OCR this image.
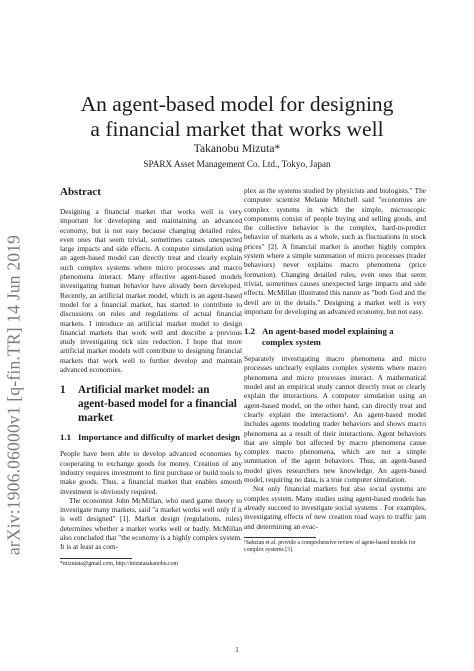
arXiv:1906.06000v1 [q-fin.TR] 14 Jun 2019
An agent-based model for designing
a financial market that works well
Takanobu Mizuta*
SPARX Asset Management Co. Ltd., Tokyo, Japan
Abstract

Designing a financial market that works well is very important for developing and maintaining an advanced economy, but is not easy because changing detailed rules, even ones that seem trivial, sometimes causes unexpected large impacts and side effects. A computer simulation using an agent-based model can directly treat and clearly explain such complex systems where micro processes and macro phenomena interact. Many effective agent-based models investigating human behavior have already been developed. Recently, an artificial market model, which is an agent-based model for a financial market, has started to contribute to discussions on rules and regulations of actual financial markets. I introduce an artificial market model to design financial markets that work well and describe a previous study investigating tick size reduction. I hope that more artificial market models will contribute to designing financial markets that work well to further develop and maintain advanced economies.

1	Artificial market model: an agent-based model for a financial market
1.1 Importance and difficulty of market design

People have been able to develop advanced economies by cooperating to exchange goods for money. Creation of any industry requires investment to first purchase or build tools to make goods. Thus, a financial market that enables smooth investment is obviously required.

The economist John McMillan, who used game theory to investigate many markets, said "a market works well only if it is well designed" [1]. Market design (regulations, rules) determines whether a market works well or badly. McMillan also concluded that "the economy is a highly complex system. It is at least as com-

*mizutata@gmail.com, http://mizutatakanobu.com

plex as the systems studied by physicists and biologists." The computer scientist Melanie Mitchell said "economies are complex systems in which the simple, microscopic components consist of people buying and selling goods, and the collective behavior is the complex, hard-to-predict behavior of markets as a whole, such as fluctuations in stock prices" [2]. A financial market is another highly complex system where a simple summation of micro processes (trader behaviors) never explains macro phenomena (price formation). Changing detailed rules, even ones that seem trivial, sometimes causes unexpected large impacts and side effects. McMillan illustrated this nature as "both God and the devil are in the details." Designing a market well is very important for developing an advanced economy, but not easy.

1.2 An agent-based model explaining a complex system

Separately investigating macro phenomena and micro processes unclearly explains complex systems where macro phenomena and micro processes interact. A mathematical model and an empirical study cannot directly treat or clearly explain the interactions. A computer simulation using an agent-based model, on the other hand, can directly treat and clearly explain the interactions¹. An agent-based model includes agents modeling trader behaviors and shows macro phenomena as a result of their interactions. Agent behaviors that are simple but affected by macro phenomena cause complex macro phenomena, which are not a simple summation of the agent behaviors. Thus, an agent-based model gives researchers new knowledge. An agent-based model, requiring no data, is a true computer simulation.

Not only financial markets but also social systems are complex system. Many studies using agent-based models has already succeed to investigate social systems . For examples, investigating effects of new creation road ways to traffic jam and determining an evac-

¹Sabzian et al. provide a comprehensive review of agent-based models for complex systems [3].

1
